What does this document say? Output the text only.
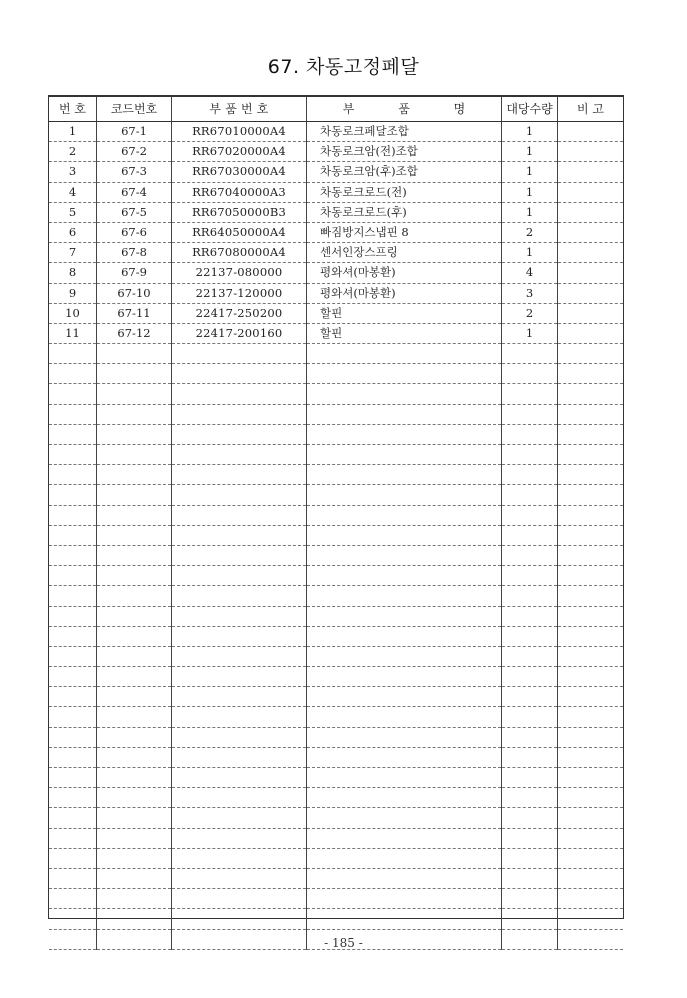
67. 차동고정페달
번 호	코드번호	부 품 번 호	부 품 명	대당수량	비 고
1	67-1	RR67010000A4	차동로크페달조합	1	
2	67-2	RR67020000A4	차동로크암(전)조합	1	
3	67-3	RR67030000A4	차동로크암(후)조합	1	
4	67-4	RR67040000A3	차동로크로드(전)	1	
5	67-5	RR67050000B3	차동로크로드(후)	1	
6	67-6	RR64050000A4	빠짐방지스냅핀 8	2	
7	67-8	RR67080000A4	센서인장스프링	1	
8	67-9	22137-080000	평와셔(마봉환)	4	
9	67-10	22137-120000	평와셔(마봉환)	3	
10	67-11	22417-250200	할핀	2	
11	67-12	22417-200160	할핀	1	

- 185 -
